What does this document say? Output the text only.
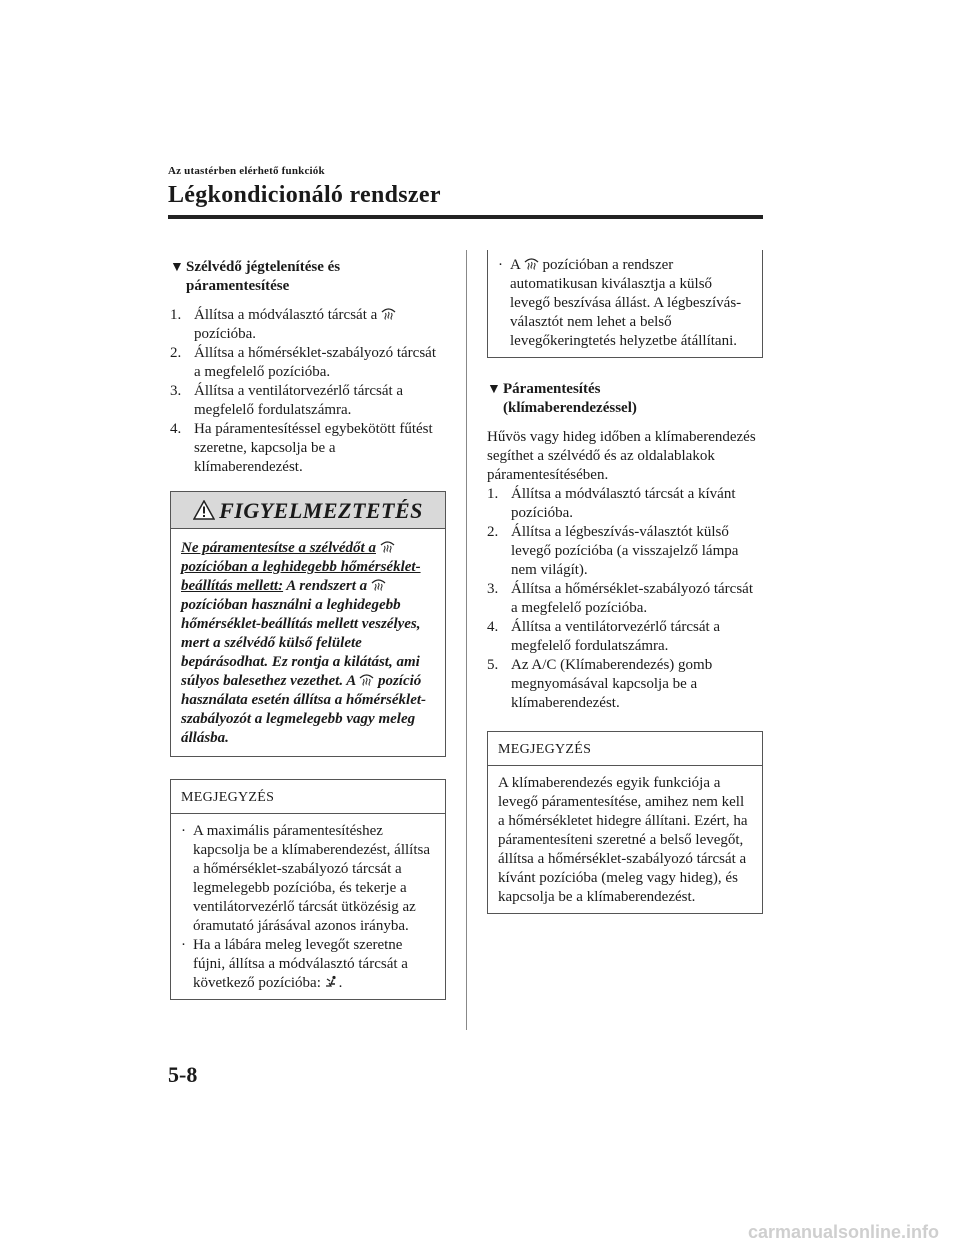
Az utastérben elérhető funkciók
Légkondicionáló rendszer
▼ Szélvédő jégtelenítése és
páramentesítése
1. Állítsa a módválasztó tárcsát a
pozícióba.
2. Állítsa a hőmérséklet-szabályozó tárcsát a megfelelő pozícióba.
3. Állítsa a ventilátorvezérlő tárcsát a megfelelő fordulatszámra.
4. Ha páramentesítéssel egybekötött fűtést szeretne, kapcsolja be a klímaberendezést.
FIGYELMEZTETÉS
Ne páramentesítse a szélvédőt a  pozícióban a leghidegebb hőmérséklet-beállítás mellett: A rendszert a  pozícióban használni a leghidegebb hőmérséklet-beállítás mellett veszélyes, mert a szélvédő külső felülete bepárásodhat. Ez rontja a kilátást, ami súlyos balesethez vezethet. A pozíció használata esetén állítsa a hőmérséklet-szabályozót a legmelegebb vagy meleg állásba.
MEGJEGYZÉS
· A maximális páramentesítéshez kapcsolja be a klímaberendezést, állítsa a hőmérséklet-szabályozó tárcsát a legmelegebb pozícióba, és tekerje a ventilátorvezérlő tárcsát ütközésig az óramutató járásával azonos irányba.
· Ha a lábára meleg levegőt szeretne fújni, állítsa a módválasztó tárcsát a következő pozícióba: .
· A pozícióban a rendszer automatikusan kiválasztja a külső levegő beszívása állást. A légbeszívás-választót nem lehet a belső levegőkeringtetés helyzetbe átállítani.
▼ Páramentesítés
(klímaberendezéssel)
Hűvös vagy hideg időben a klímaberendezés segíthet a szélvédő és az oldalablakok páramentesítésében.
1. Állítsa a módválasztó tárcsát a kívánt pozícióba.
2. Állítsa a légbeszívás-választót külső levegő pozícióba (a visszajelző lámpa nem világít).
3. Állítsa a hőmérséklet-szabályozó tárcsát a megfelelő pozícióba.
4. Állítsa a ventilátorvezérlő tárcsát a megfelelő fordulatszámra.
5. Az A/C (Klímaberendezés) gomb megnyomásával kapcsolja be a klímaberendezést.
MEGJEGYZÉS
A klímaberendezés egyik funkciója a levegő páramentesítése, amihez nem kell a hőmérsékletet hidegre állítani. Ezért, ha páramentesíteni szeretné a belső levegőt, állítsa a hőmérséklet-szabályozó tárcsát a kívánt pozícióba (meleg vagy hideg), és kapcsolja be a klímaberendezést.
5-8
carmanualsonline.info
